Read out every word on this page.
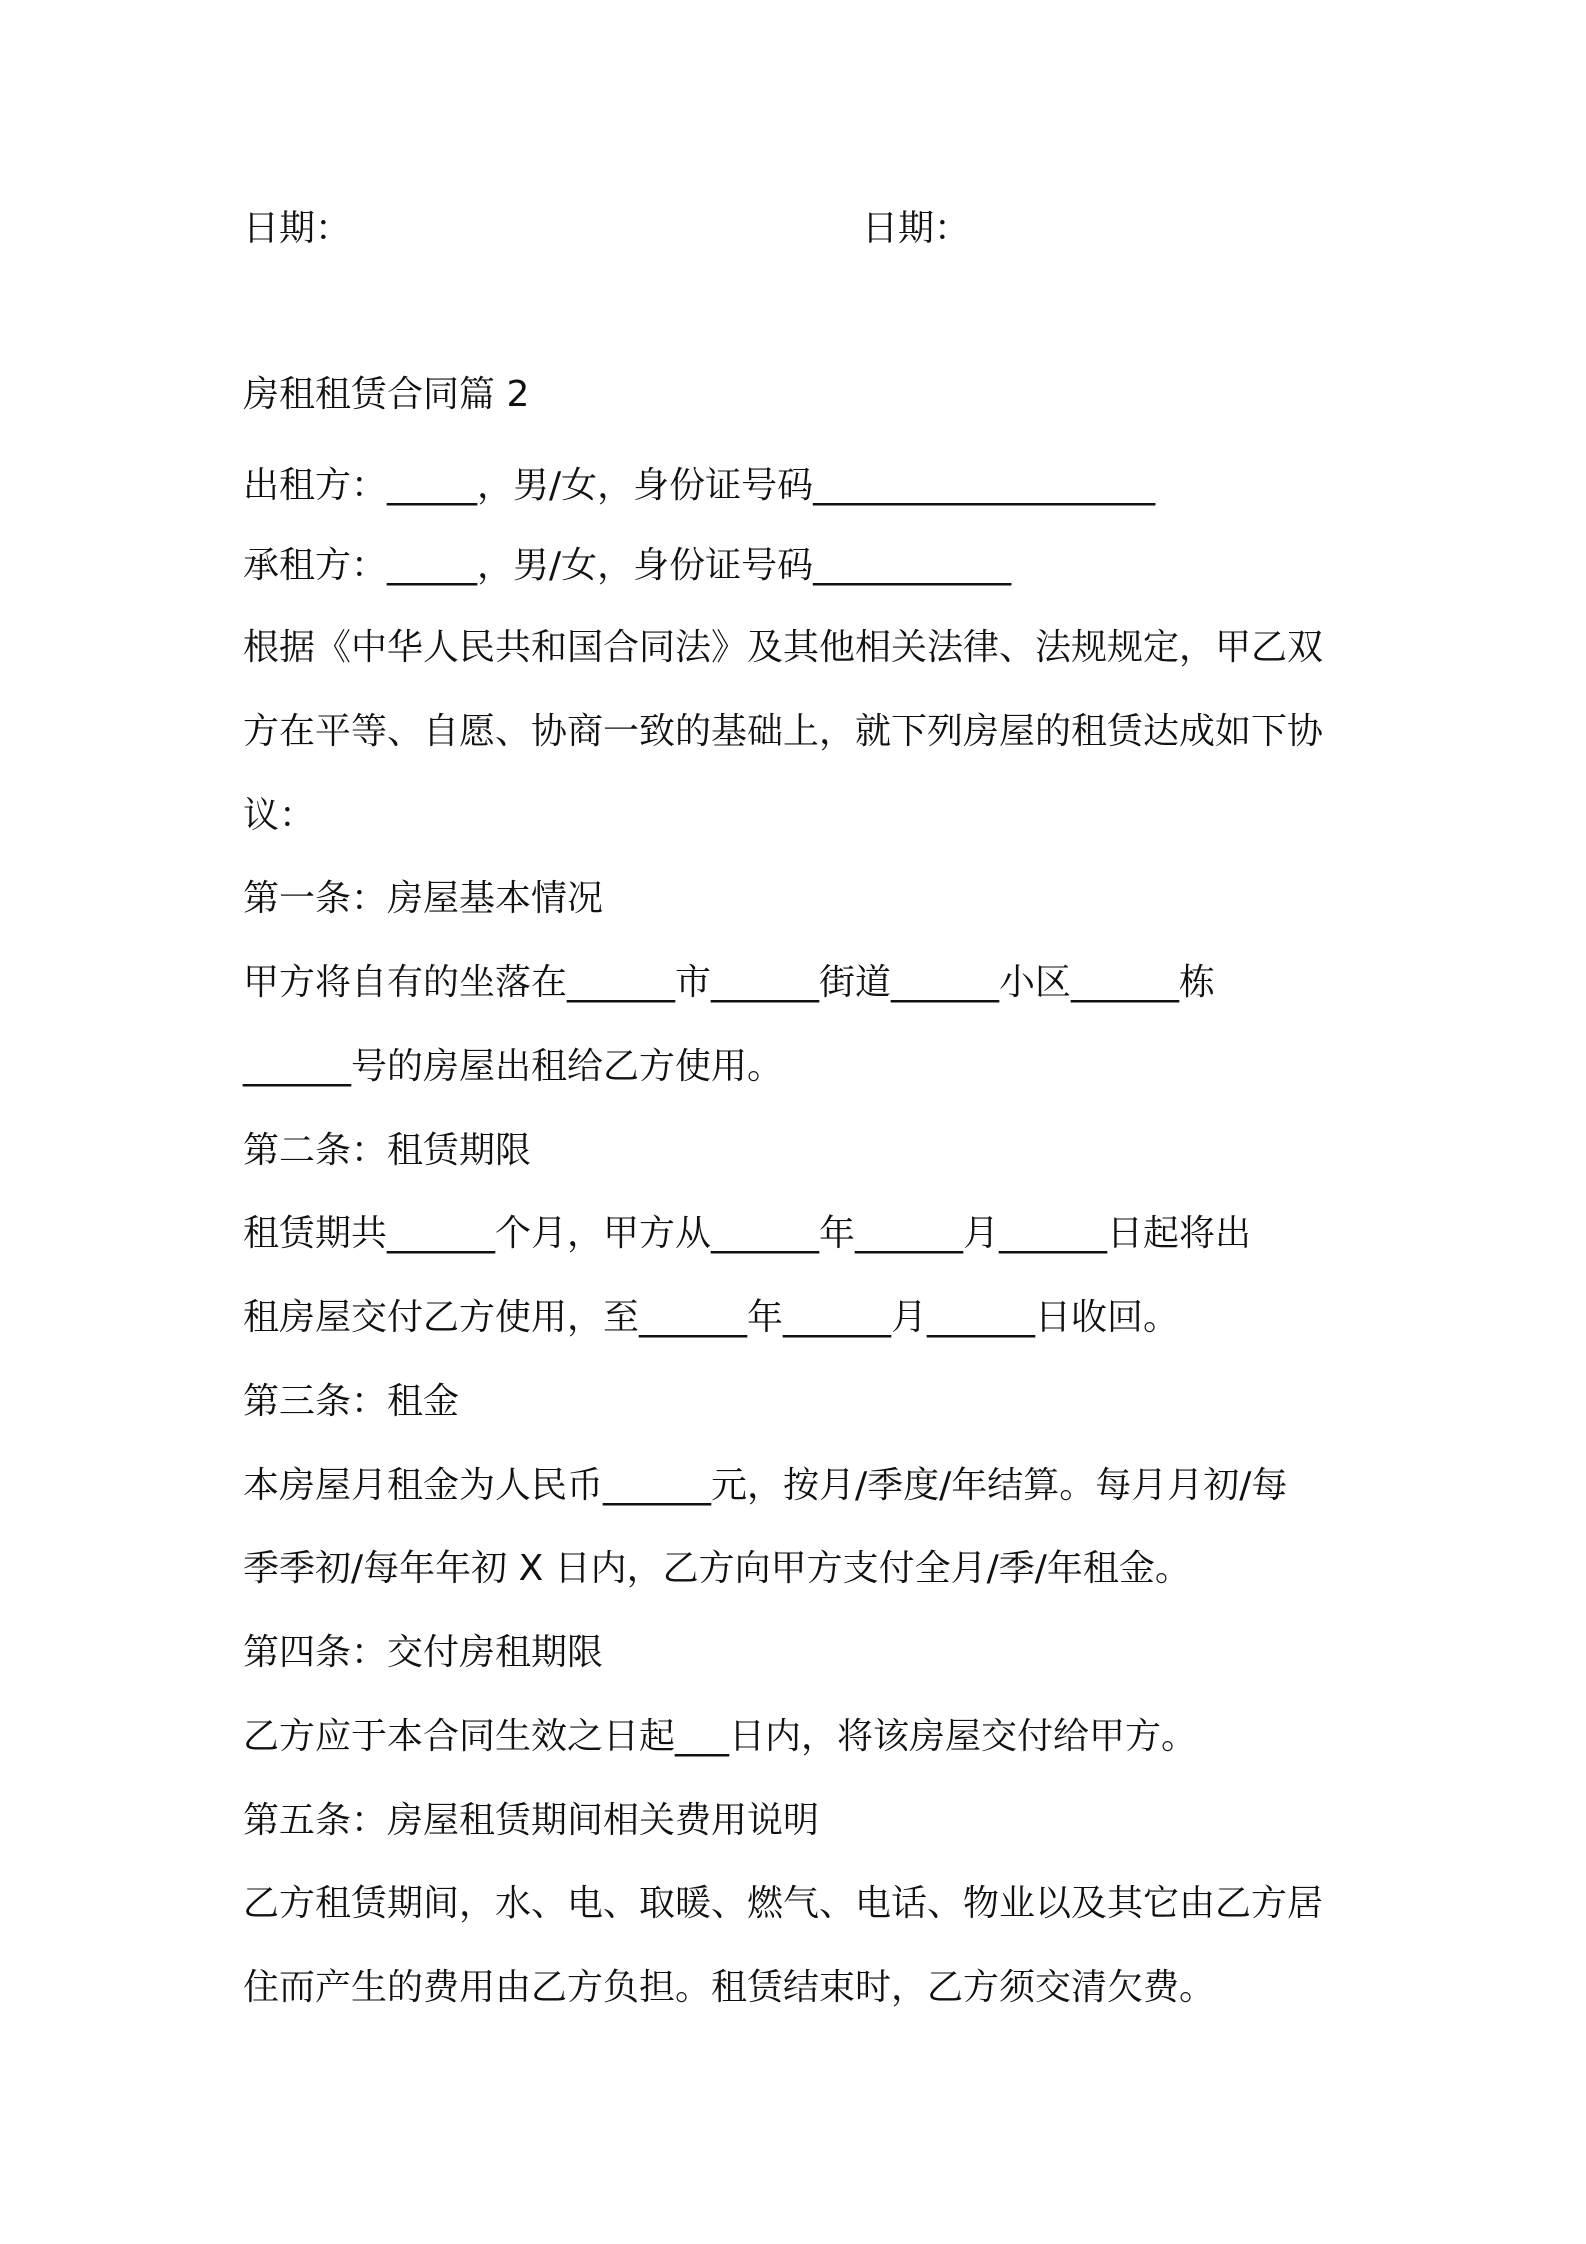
日期：	日期：
房租租赁合同篇 2
出租方：_____，男/女，身份证号码___________________
承租方：_____，男/女，身份证号码___________
根据《中华人民共和国合同法》及其他相关法律、法规规定，甲乙双
方在平等、自愿、协商一致的基础上，就下列房屋的租赁达成如下协
议：
第一条：房屋基本情况
甲方将自有的坐落在______市______街道______小区______栋
______号的房屋出租给乙方使用。
第二条：租赁期限
租赁期共______个月，甲方从______年______月______日起将出
租房屋交付乙方使用，至______年______月______日收回。
第三条：租金
本房屋月租金为人民币______元，按月/季度/年结算。每月月初/每
季季初/每年年初 X 日内，乙方向甲方支付全月/季/年租金。
第四条：交付房租期限
乙方应于本合同生效之日起___日内，将该房屋交付给甲方。
第五条：房屋租赁期间相关费用说明
乙方租赁期间，水、电、取暖、燃气、电话、物业以及其它由乙方居
住而产生的费用由乙方负担。租赁结束时，乙方须交清欠费。
